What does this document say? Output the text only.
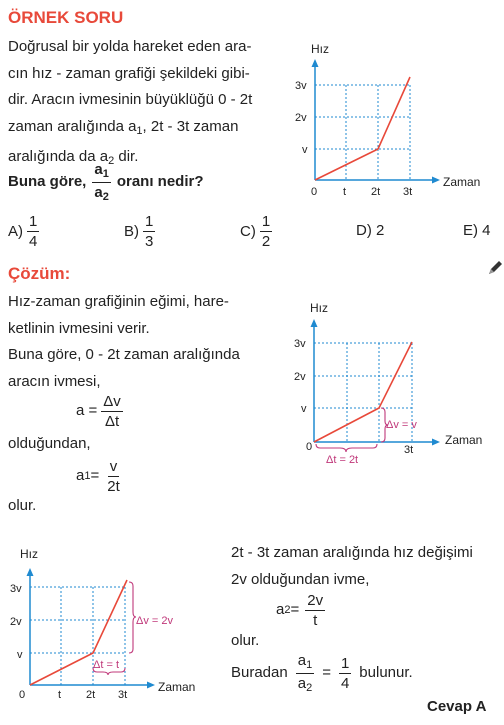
ÖRNEK SORU
Doğrusal bir yolda hareket eden ara-
cın hız - zaman grafiği şekildeki gibi-
dir. Aracın ivmesinin büyüklüğü 0 - 2t
zaman aralığında $a_1$, 2t - 3t zaman
aralığında da $a_2$ dir.
Buna göre, $\frac{a_1}{a_2}$ oranı nedir?
Hız
3v
2v
v
0 t 2t 3t
Zaman
$A) \frac{1}{4}$	$B) \frac{1}{3}$	$C) \frac{1}{2}$	D) 2	E) 4
Çözüm:
Hız-zaman grafiğinin eğimi, hare-
ketlinin ivmesini verir.
Buna göre, 0 - 2t zaman aralığında
aracın ivmesi,
$a = \frac{\Delta v}{\Delta t}$
olduğundan,
a $1 = \frac{v}{2t}$
olur.
Hız
3v
2v
v
0	3t
Δv = v
Δt = 2t
Zaman
Hız
3v
2v
v
0	t 2t 3t
Δv = 2v
Δt = t
Zaman
2t - 3t zaman aralığında hız değişimi
2v olduğundan ivme,
a $2 = \frac{2v}{t}$
olur.
Buradan $\frac{a_1}{a_2} = \frac{1}{4}$ bulunur.
Cevap A
